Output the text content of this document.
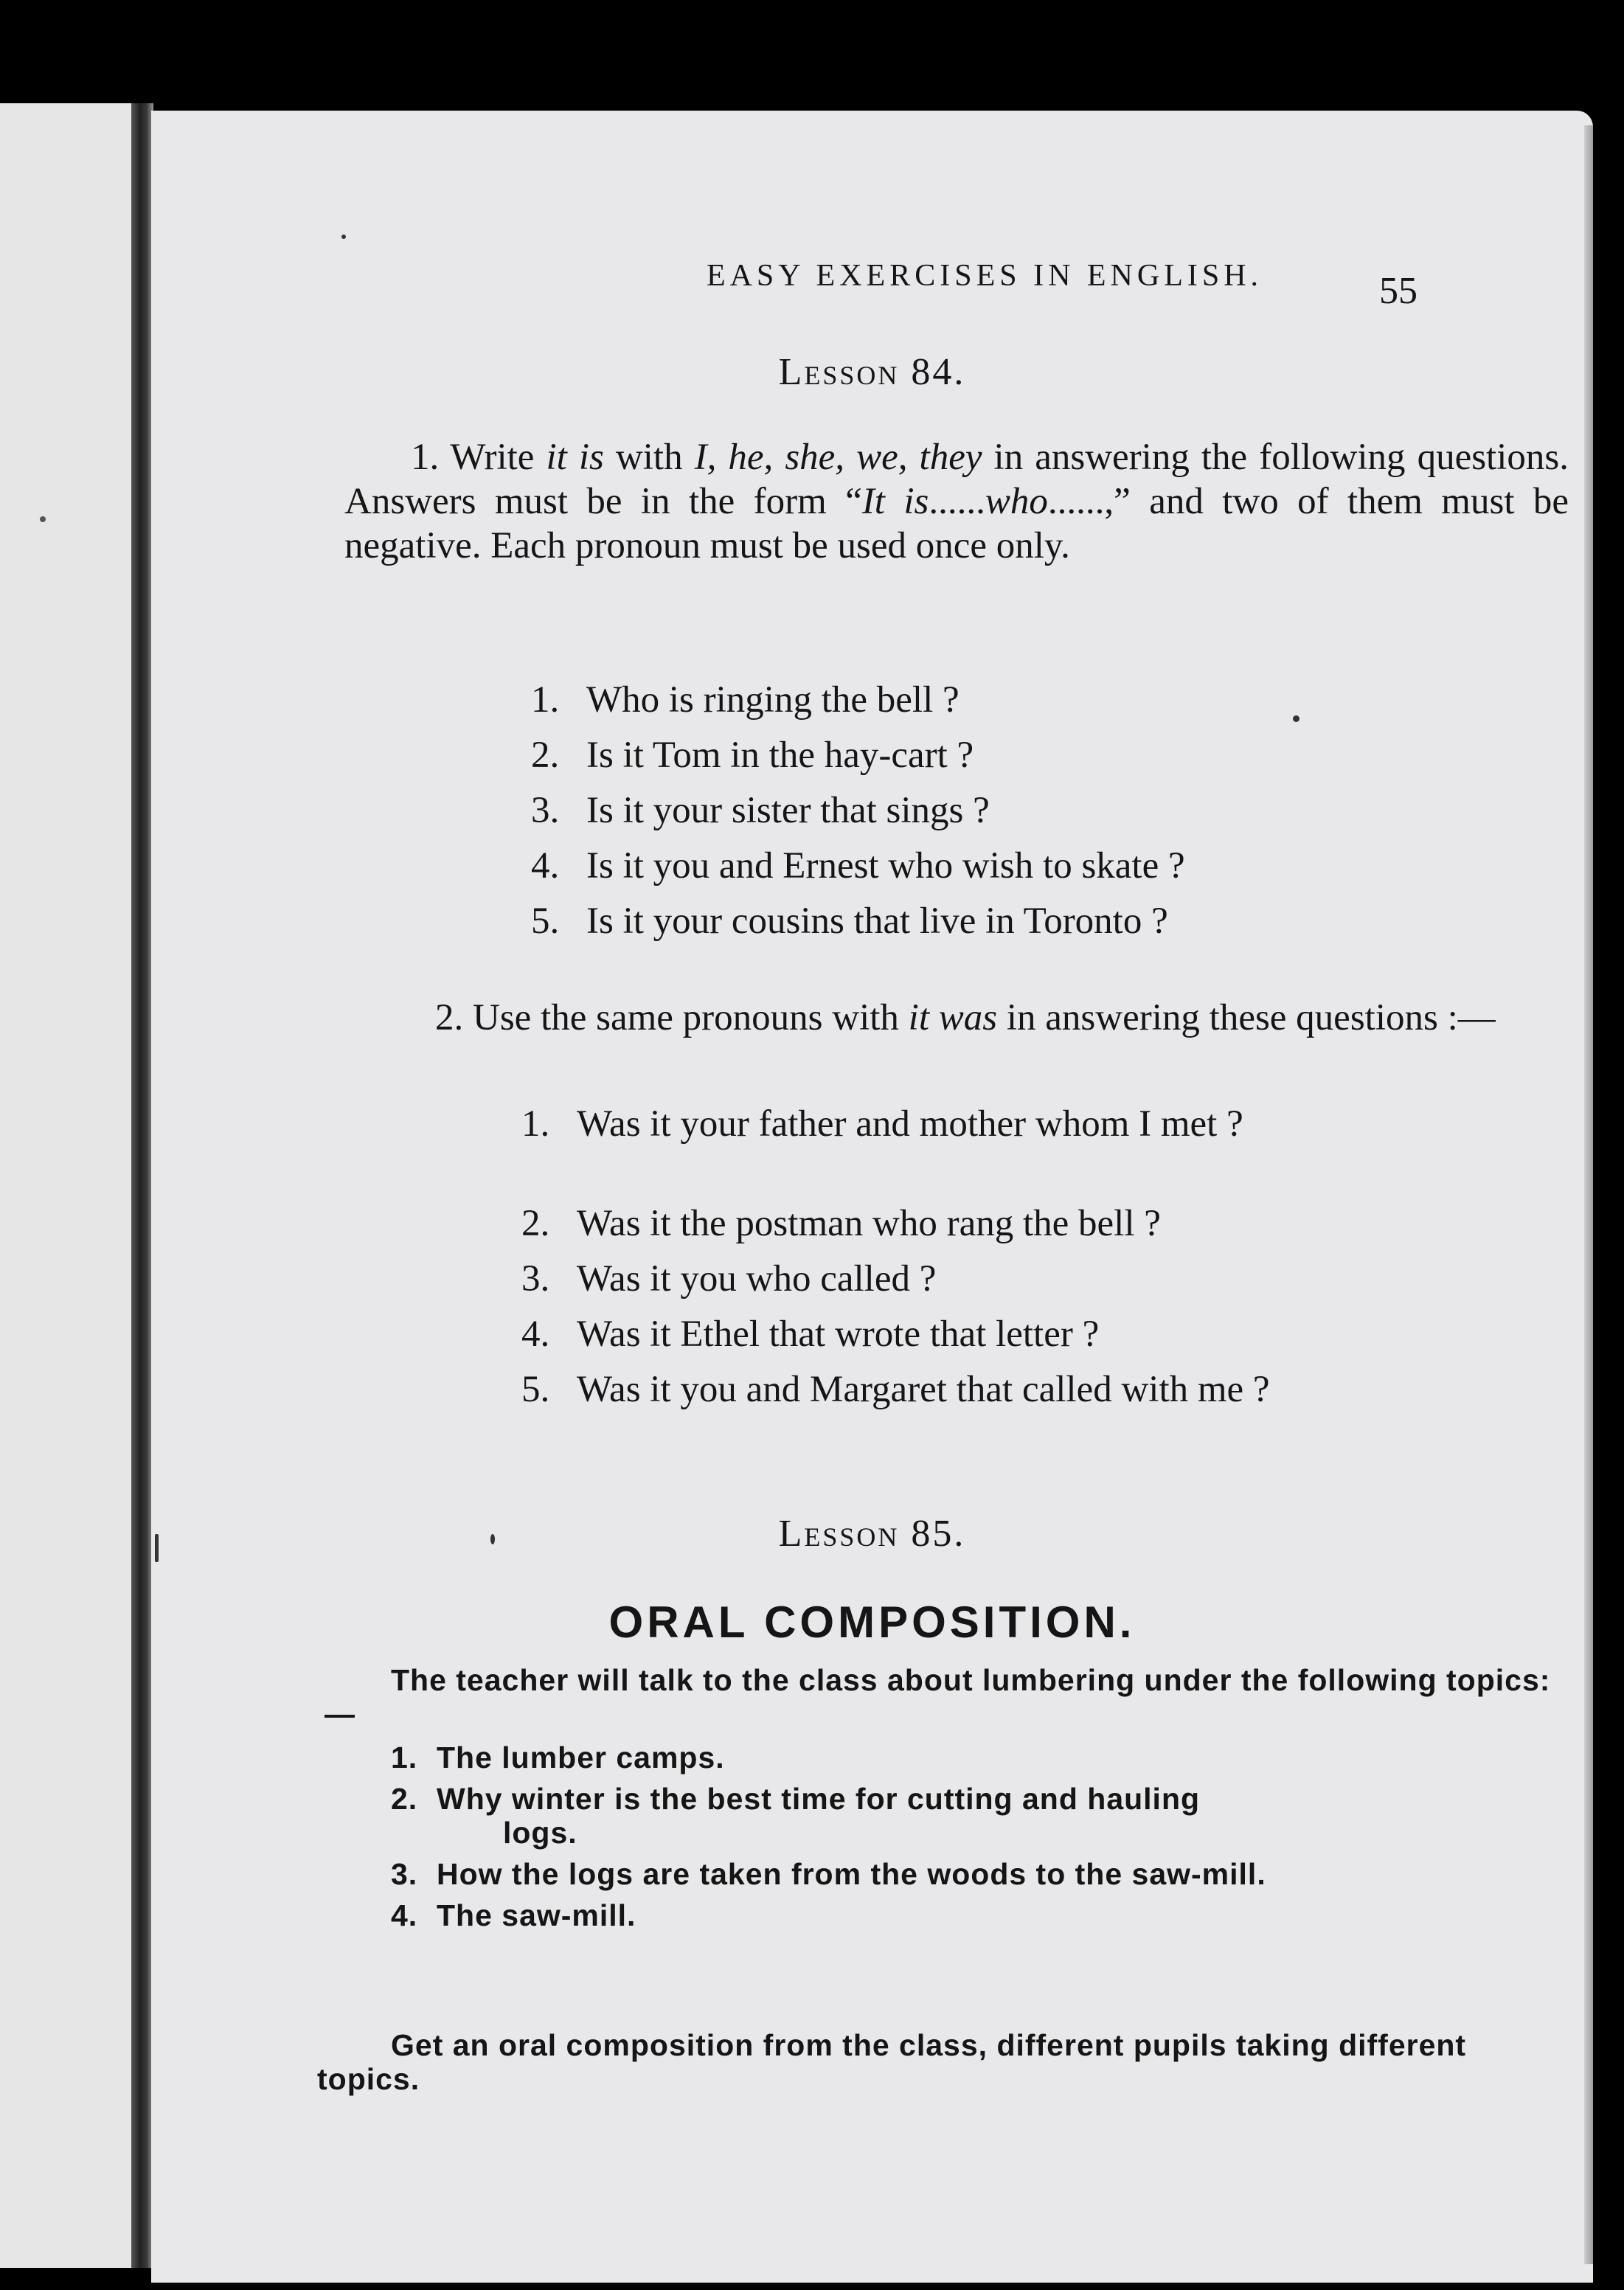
EASY EXERCISES IN ENGLISH.	55
Lesson 84.
1. Write it is with I, he, she, we, they in answering the following questions. Answers must be in the form “It is......who......,” and two of them must be negative. Each pronoun must be used once only.
1. Who is ringing the bell ?
2. Is it Tom in the hay-cart ?
3. Is it your sister that sings ?
4. Is it you and Ernest who wish to skate ?
5. Is it your cousins that live in Toronto ?
2. Use the same pronouns with it was in answering these questions :—
1. Was it your father and mother whom I met ?
2. Was it the postman who rang the bell ?
3. Was it you who called ?
4. Was it Ethel that wrote that letter ?
5. Was it you and Margaret that called with me ?
Lesson 85.
ORAL COMPOSITION.
The teacher will talk to the class about lumbering under the following topics:—
1. The lumber camps.
2. Why winter is the best time for cutting and hauling
logs.
3. How the logs are taken from the woods to the saw-mill.
4. The saw-mill.
Get an oral composition from the class, different pupils taking different topics.
